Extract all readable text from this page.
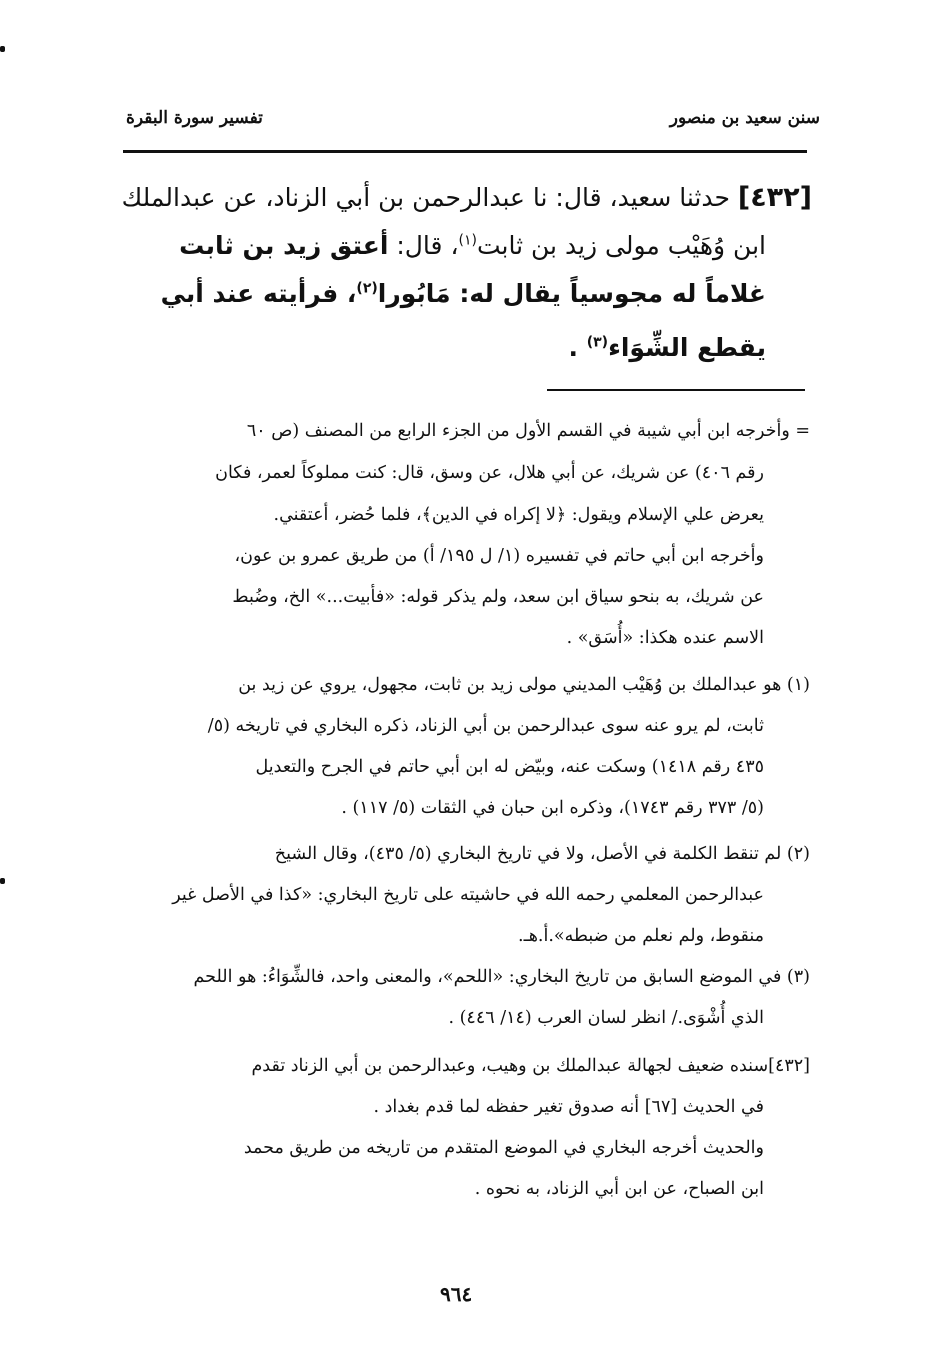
سنن سعيد بن منصور
تفسير سورة البقرة
[٤٣٢] حدثنا سعيد، قال: نا عبدالرحمن بن أبي الزناد، عن عبدالملك
ابن وُهَيْب مولى زيد بن ثابت$^{(١)}$، قال: أعتق زيد بن ثابت
غلاماً له مجوسياً يقال له: مَابُورا$^{(٢)}$، فرأيته عند أبي
يقطع الشِّوَاء$^{(٣)}$ .
= وأخرجه ابن أبي شيبة في القسم الأول من الجزء الرابع من المصنف (ص ٦٠
رقم ٤٠٦) عن شريك، عن أبي هلال، عن وسق، قال: كنت مملوكاً لعمر، فكان
يعرض علي الإسلام ويقول: ﴿لا إكراه في الدين﴾، فلما حُضر، أعتقني.
وأخرجه ابن أبي حاتم في تفسيره (١/ ل ١٩٥/ أ) من طريق عمرو بن عون،
عن شريك، به بنحو سياق ابن سعد، ولم يذكر قوله: «فأبيت...» الخ، وضُبط
الاسم عنده هكذا: «أُسَق» .
(١) هو عبدالملك بن وُهَيْب المديني مولى زيد بن ثابت، مجهول، يروي عن زيد بن
ثابت، لم يرو عنه سوى عبدالرحمن بن أبي الزناد، ذكره البخاري في تاريخه (٥/
٤٣٥ رقم ١٤١٨) وسكت عنه، وبيّض له ابن أبي حاتم في الجرح والتعديل
(٥/ ٣٧٣ رقم ١٧٤٣)، وذكره ابن حبان في الثقات (٥/ ١١٧) .
(٢) لم تنقط الكلمة في الأصل، ولا في تاريخ البخاري (٥/ ٤٣٥)، وقال الشيخ
عبدالرحمن المعلمي رحمه الله في حاشيته على تاريخ البخاري: «كذا في الأصل غير
منقوط، ولم نعلم من ضبطه».أ.هـ.
(٣) في الموضع السابق من تاريخ البخاري: «اللحم»، والمعنى واحد، فالشِّوَاءُ: هو اللحم
الذي أُشْوَى./ انظر لسان العرب (١٤/ ٤٤٦) .
[٤٣٢]سنده ضعيف لجهالة عبدالملك بن وهيب، وعبدالرحمن بن أبي الزناد تقدم
في الحديث [٦٧] أنه صدوق تغير حفظه لما قدم بغداد .
والحديث أخرجه البخاري في الموضع المتقدم من تاريخه من طريق محمد
ابن الصباح، عن ابن أبي الزناد، به نحوه .
٩٦٤
